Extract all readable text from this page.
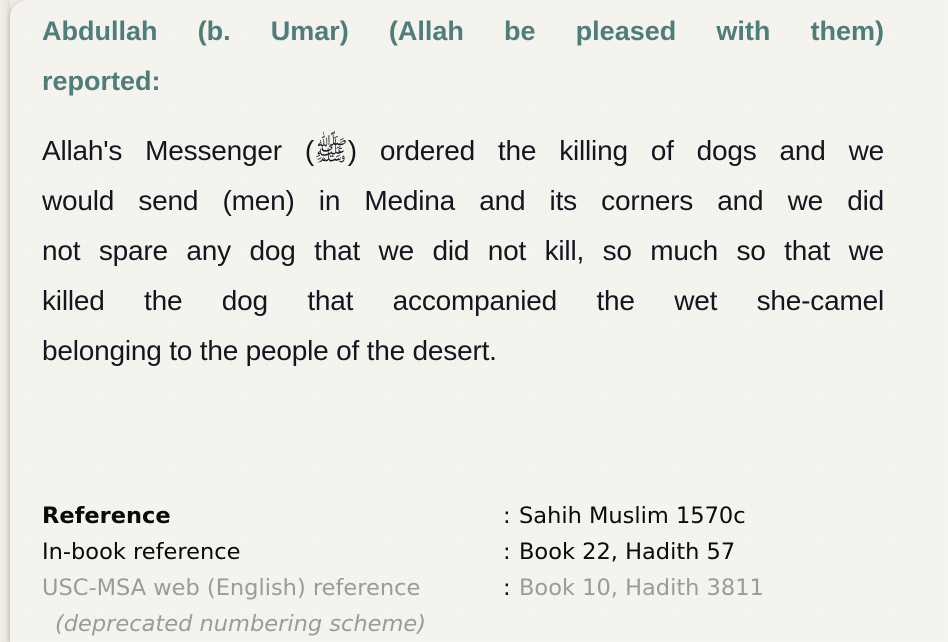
Abdullah (b. Umar) (Allah be pleased with them)
reported:
Allah's Messenger (ﷺ) ordered the killing of dogs and we
would send (men) in Medina and its corners and we did
not spare any dog that we did not kill, so much so that we
killed the dog that accompanied the wet she-camel
belonging to the people of the desert.
Reference	: Sahih Muslim 1570c
In-book reference	: Book 22, Hadith 57
USC-MSA web (English) reference	: Book 10, Hadith 3811
(deprecated numbering scheme)
